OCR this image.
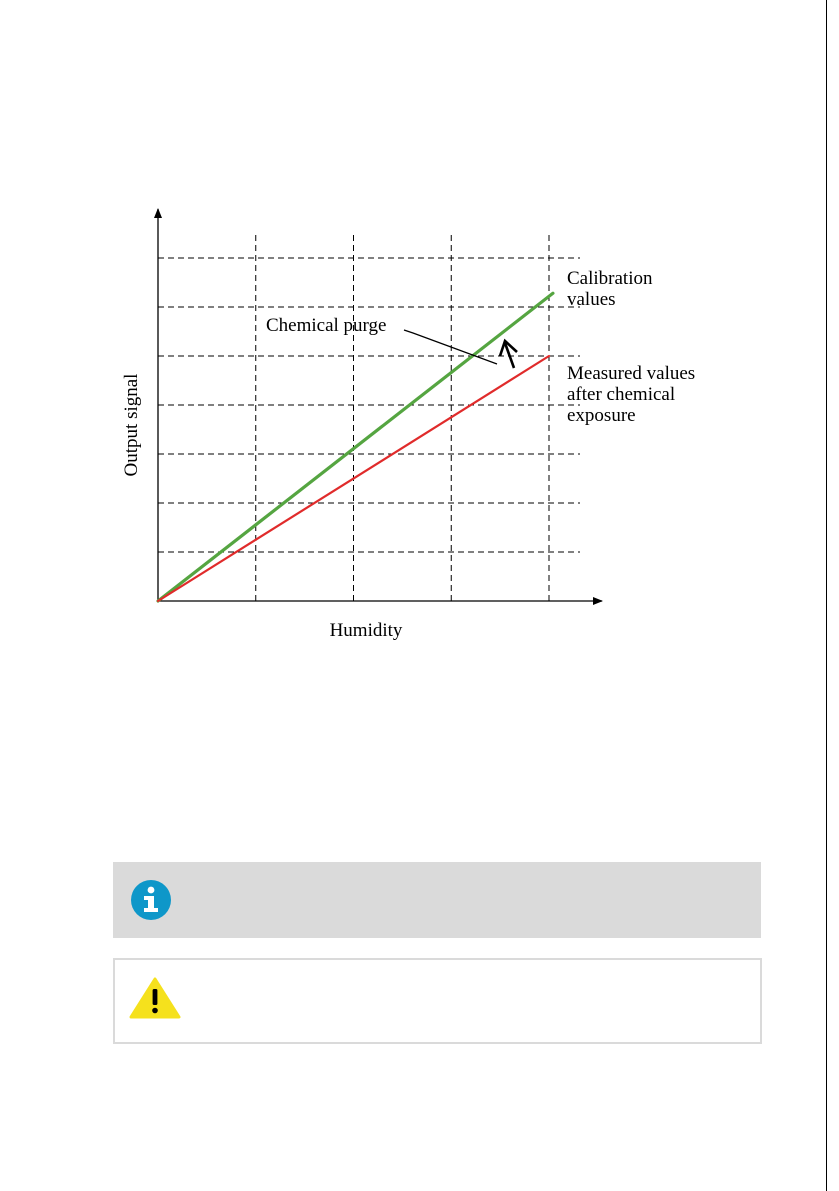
Humidity
Output signal
Chemical purge
Calibration
values
Measured values
after chemical
exposure
